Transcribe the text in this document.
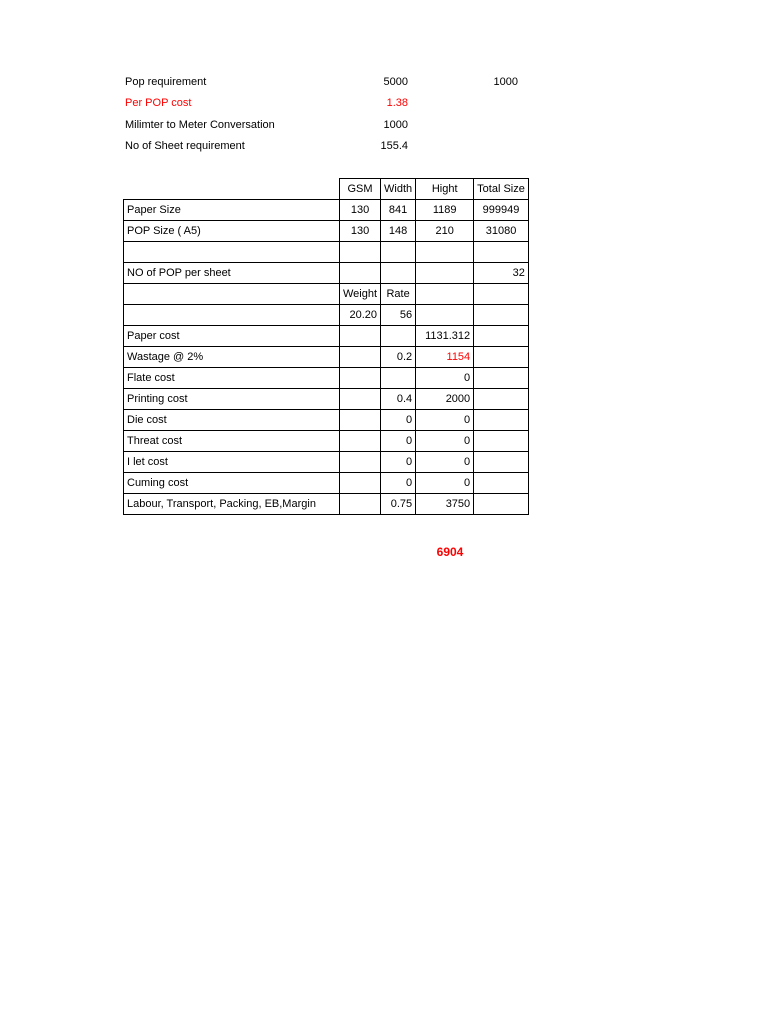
Pop requirement	5000	1000
Per POP cost	1.38
Milimter to Meter Conversation	1000
No of Sheet requirement	155.4
	GSM	Width	Hight	Total Size
Paper Size	130	841	1189	999949
POP Size ( A5)	130	148	210	31080

NO of POP per sheet				32
	Weight	Rate		
	20.20	56		
Paper cost			1131.312	
Wastage @ 2%		0.2	1154	
Flate cost			0	
Printing cost		0.4	2000	
Die cost		0	0	
Threat cost		0	0	
I let cost		0	0	
Cuming cost		0	0	
Labour, Transport, Packing, EB,Margin		0.75	3750	
6904
